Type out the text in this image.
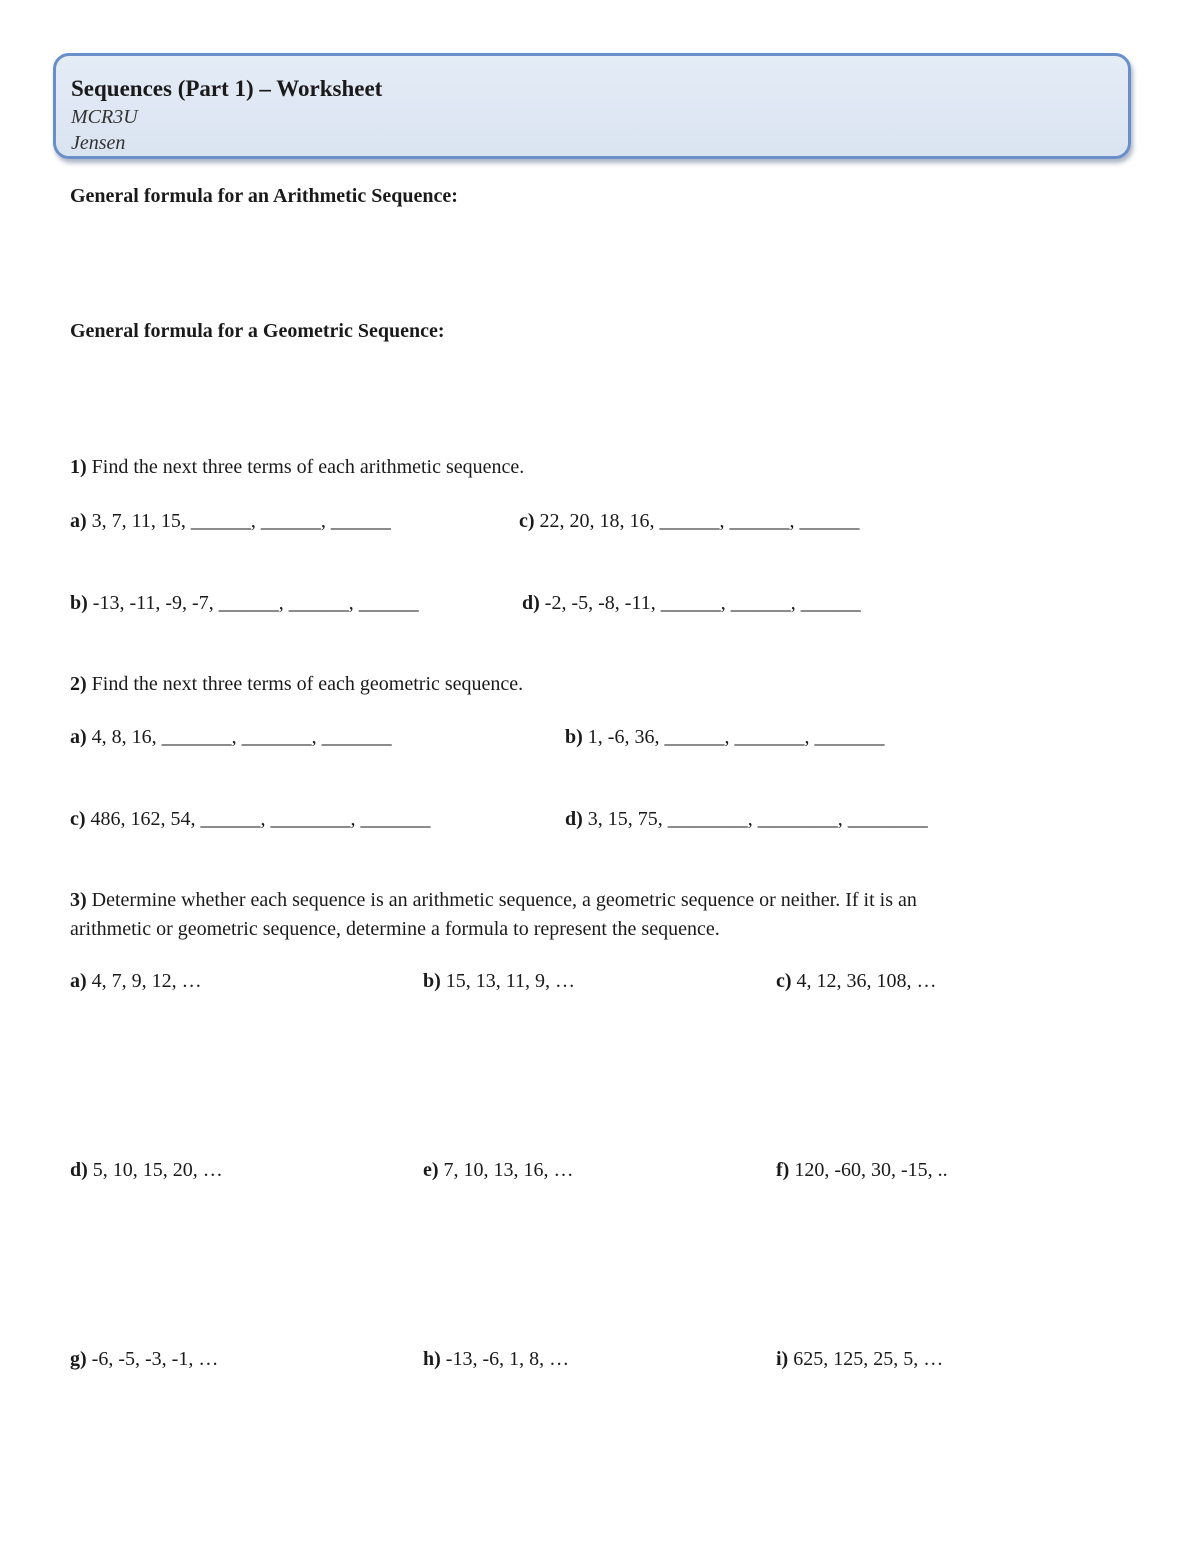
Sequences (Part 1) – Worksheet
MCR3U
Jensen
General formula for an Arithmetic Sequence:
General formula for a Geometric Sequence:
1) Find the next three terms of each arithmetic sequence.
a) 3, 7, 11, 15, ______, ______, ______	c) 22, 20, 18, 16, ______, ______, ______
b) -13, -11, -9, -7, ______, ______, ______	d) -2, -5, -8, -11, ______, ______, ______
2) Find the next three terms of each geometric sequence.
a) 4, 8, 16, _______, _______, _______	b) 1, -6, 36, ______, _______, _______
c) 486, 162, 54, ______, ________, _______	d) 3, 15, 75, ________, ________, ________
3) Determine whether each sequence is an arithmetic sequence, a geometric sequence or neither. If it is an
arithmetic or geometric sequence, determine a formula to represent the sequence.
a) 4, 7, 9, 12, …	b) 15, 13, 11, 9, …	c) 4, 12, 36, 108, …
d) 5, 10, 15, 20, …	e) 7, 10, 13, 16, …	f) 120, -60, 30, -15, ..
g) -6, -5, -3, -1, …	h) -13, -6, 1, 8, …	i) 625, 125, 25, 5, …
